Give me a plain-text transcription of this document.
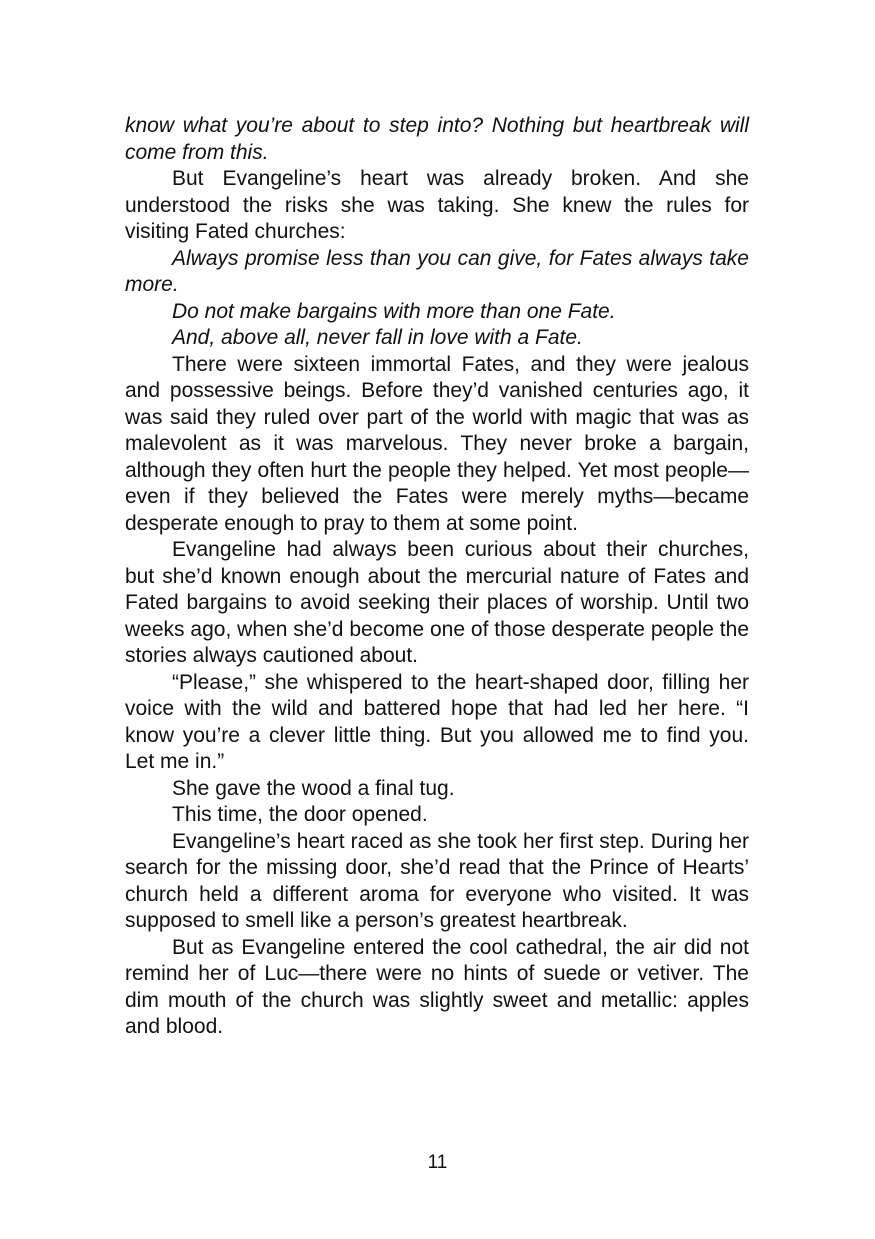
know what you’re about to step into? Nothing but heartbreak will come from this.

But Evangeline’s heart was already broken. And she understood the risks she was taking. She knew the rules for visiting Fated churches:

Always promise less than you can give, for Fates always take more.

Do not make bargains with more than one Fate.

And, above all, never fall in love with a Fate.

There were sixteen immortal Fates, and they were jealous and possessive beings. Before they’d vanished centuries ago, it was said they ruled over part of the world with magic that was as malevolent as it was marvelous. They never broke a bargain, although they often hurt the people they helped. Yet most people—even if they believed the Fates were merely myths—became desperate enough to pray to them at some point.

Evangeline had always been curious about their churches, but she’d known enough about the mercurial nature of Fates and Fated bargains to avoid seeking their places of worship. Until two weeks ago, when she’d become one of those desperate people the stories always cautioned about.

“Please,” she whispered to the heart-shaped door, filling her voice with the wild and battered hope that had led her here. “I know you’re a clever little thing. But you allowed me to find you. Let me in.”

She gave the wood a final tug.

This time, the door opened.

Evangeline’s heart raced as she took her first step. During her search for the missing door, she’d read that the Prince of Hearts’ church held a different aroma for everyone who visited. It was supposed to smell like a person’s greatest heartbreak.

But as Evangeline entered the cool cathedral, the air did not remind her of Luc—there were no hints of suede or vetiver. The dim mouth of the church was slightly sweet and metallic: apples and blood.

11
